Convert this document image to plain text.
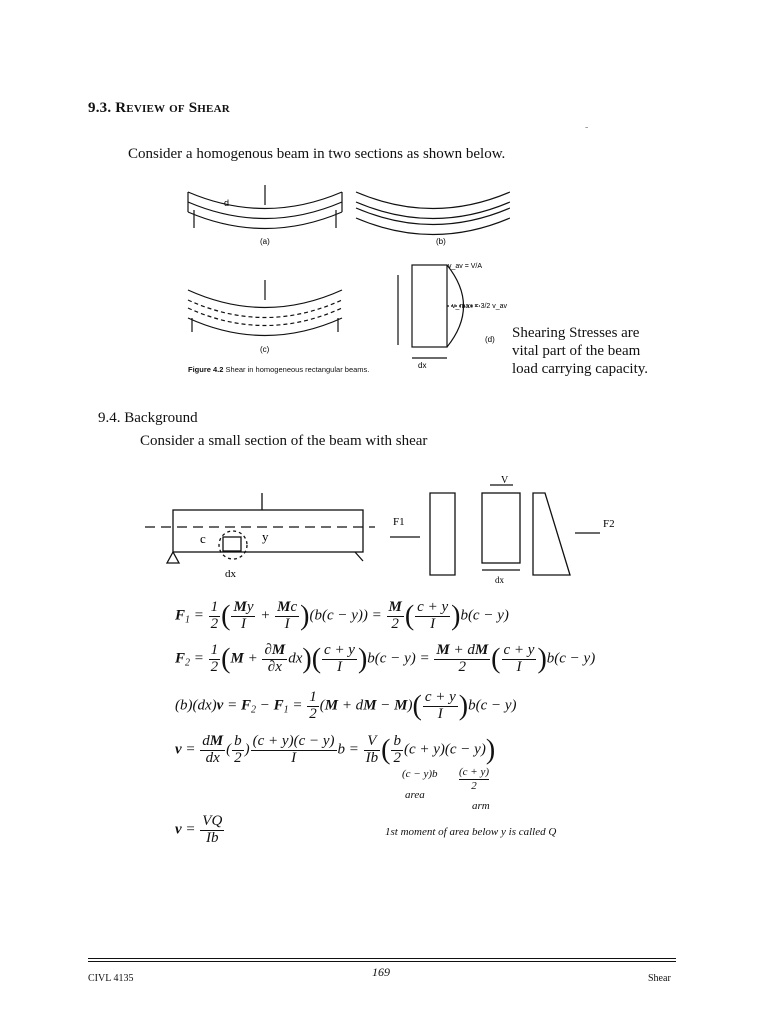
9.3. Review of Shear
-
Consider a homogenous beam in two sections as shown below.
(a)	(b)
(c)
(d)
d
dx
v_av = V/A
v_max = 3/2 v_av
Figure 4.2 Shear in homogeneous rectangular beams.
Shearing Stresses are
vital part of the beam
load carrying capacity.
9.4. Background
Consider a small section of the beam with shear
c	y
dx
F1	F2
V
dx
$F_1 = \frac{1}{2}$ ( $\frac{My}{I} + \frac{Mc}{I} )(b(c - y)) = \frac{M}{2}$ ( $\frac{c + y}{I} )b(c - y)$
$F_2 = \frac{1}{2} (M + \frac{\partial M}{\partial x} dx)( \frac{c + y}{I} )b(c - y) = \frac{M + dM}{2}$ ( $\frac{c + y}{I} )b(c - y)$
$(b)(dx)v = F_2 - F_1 = \frac{1}{2} (M$ + dM − $M)( \frac{c + y}{I} )b(c - y)$
$v = \frac{dM}{dx}$ ( $\frac{b}{2}$ ) $\frac{(c + y)(c - y)}{I}$ $b = \frac{V}{Ib}$ ( $\frac{b}{2} (c + y)(c - y)$)
(c − y)b (c + y)
2
area
arm
$v = \frac{VQ}{Ib}$	1st moment of area below y is called Q
CIVL 4135	169	Shear
